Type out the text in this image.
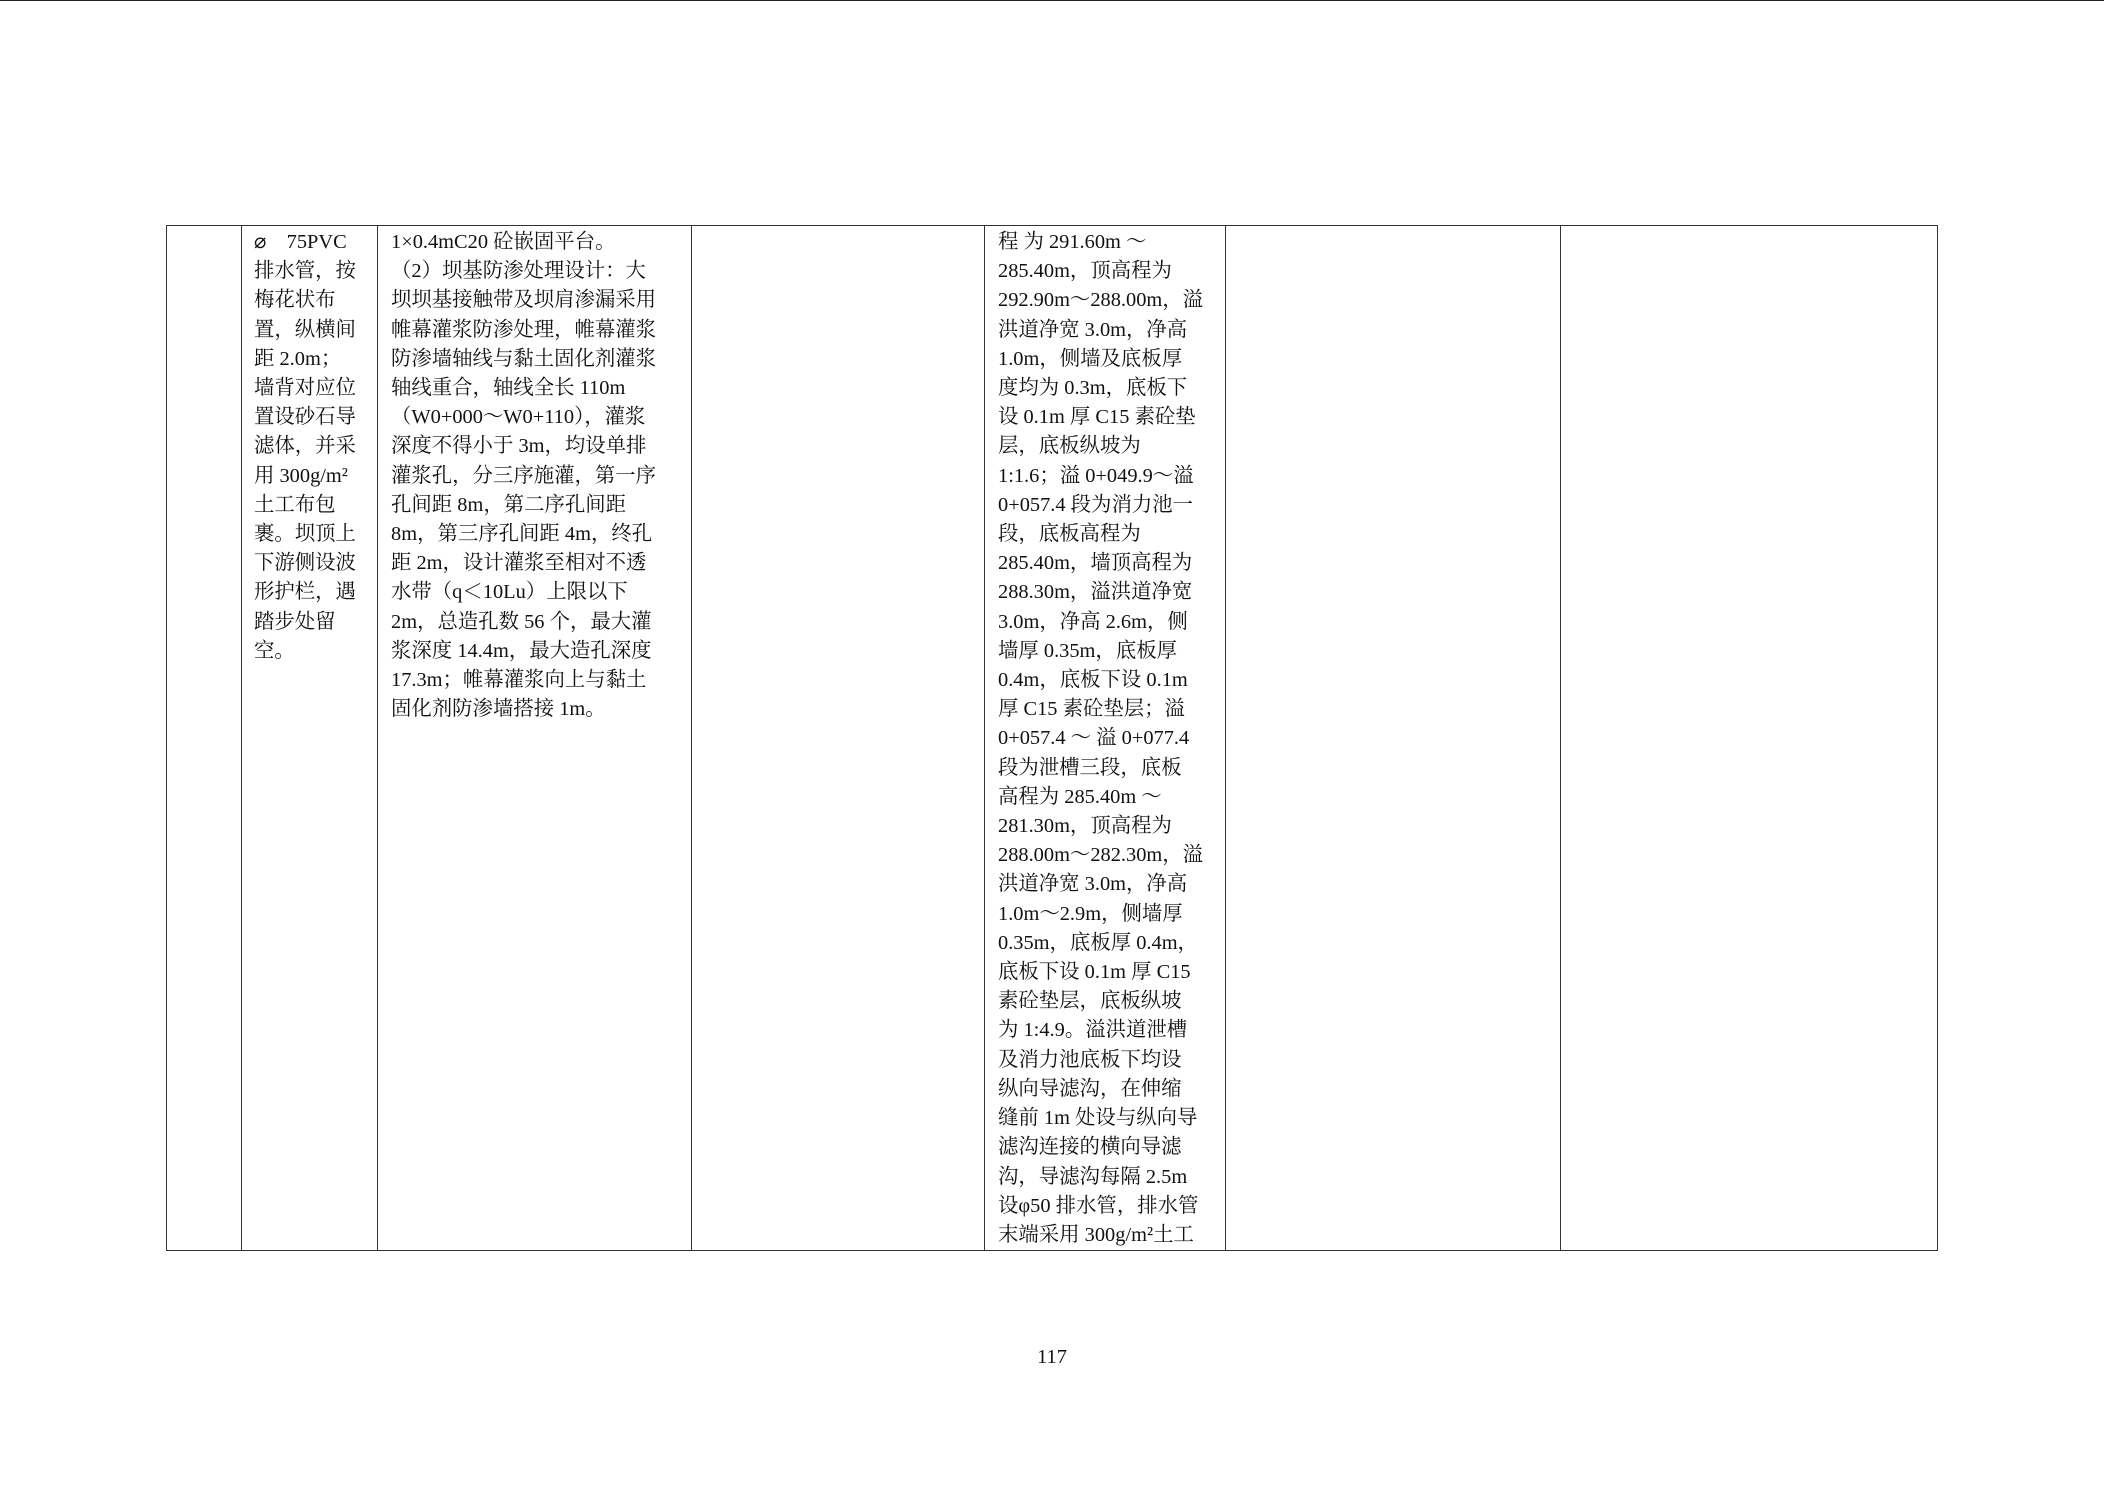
⌀　75PVC
排水管，按
梅花状布
置，纵横间
距 2.0m；
墙背对应位
置设砂石导
滤体，并采
用 300g/m²
土工布包
裹。坝顶上
下游侧设波
形护栏，遇
踏步处留
空。

1×0.4mC20 砼嵌固平台。
（2）坝基防渗处理设计：大
坝坝基接触带及坝肩渗漏采用
帷幕灌浆防渗处理，帷幕灌浆
防渗墙轴线与黏土固化剂灌浆
轴线重合，轴线全长 110m
（W0+000～W0+110），灌浆
深度不得小于 3m，均设单排
灌浆孔，分三序施灌，第一序
孔间距 8m，第二序孔间距
8m，第三序孔间距 4m，终孔
距 2m，设计灌浆至相对不透
水带（q＜10Lu）上限以下
2m，总造孔数 56 个，最大灌
浆深度 14.4m，最大造孔深度
17.3m；帷幕灌浆向上与黏土
固化剂防渗墙搭接 1m。

程 为 291.60m ～
285.40m，顶高程为
292.90m～288.00m，溢
洪道净宽 3.0m，净高
1.0m，侧墙及底板厚
度均为 0.3m，底板下
设 0.1m 厚 C15 素砼垫
层，底板纵坡为
1:1.6；溢 0+049.9～溢
0+057.4 段为消力池一
段，底板高程为
285.40m，墙顶高程为
288.30m，溢洪道净宽
3.0m，净高 2.6m，侧
墙厚 0.35m，底板厚
0.4m，底板下设 0.1m
厚 C15 素砼垫层；溢
0+057.4 ～ 溢 0+077.4
段为泄槽三段，底板
高程为 285.40m ～
281.30m，顶高程为
288.00m～282.30m，溢
洪道净宽 3.0m，净高
1.0m～2.9m，侧墙厚
0.35m，底板厚 0.4m，
底板下设 0.1m 厚 C15
素砼垫层，底板纵坡
为 1:4.9。溢洪道泄槽
及消力池底板下均设
纵向导滤沟，在伸缩
缝前 1m 处设与纵向导
滤沟连接的横向导滤
沟，导滤沟每隔 2.5m
设φ50 排水管，排水管
末端采用 300g/m²土工

117
